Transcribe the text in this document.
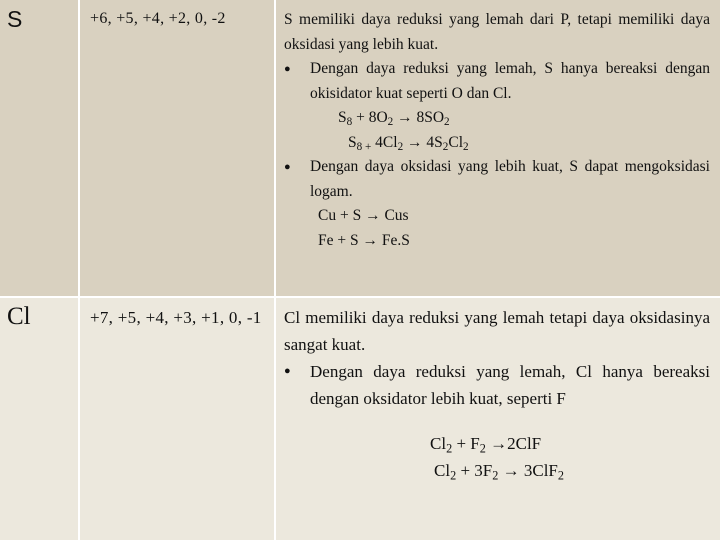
S	+6, +5, +4, +2, 0, -2	S memiliki daya reduksi yang lemah dari P, tetapi memiliki daya oksidasi yang lebih kuat.
●	Dengan daya reduksi yang lemah, S hanya bereaksi dengan okisidator kuat seperti O dan Cl.
$S_8 + 8O_2 \to 8SO_2$
$S_{8 +}$ $4Cl_2 \to 4S_2Cl_2$
●	Dengan daya oksidasi yang lebih kuat, S dapat mengoksidasi logam.
Cu + S → Cus
Fe + S → Fe.S
Cl	+7, +5, +4, +3, +1, 0, -1	Cl memiliki daya reduksi yang lemah tetapi daya oksidasinya sangat kuat.
●	Dengan daya reduksi yang lemah, Cl hanya bereaksi dengan oksidator lebih kuat, seperti F
$Cl_2 + F_2 \to 2ClF$
$Cl_2 + 3F_2 \to 3ClF_2$
